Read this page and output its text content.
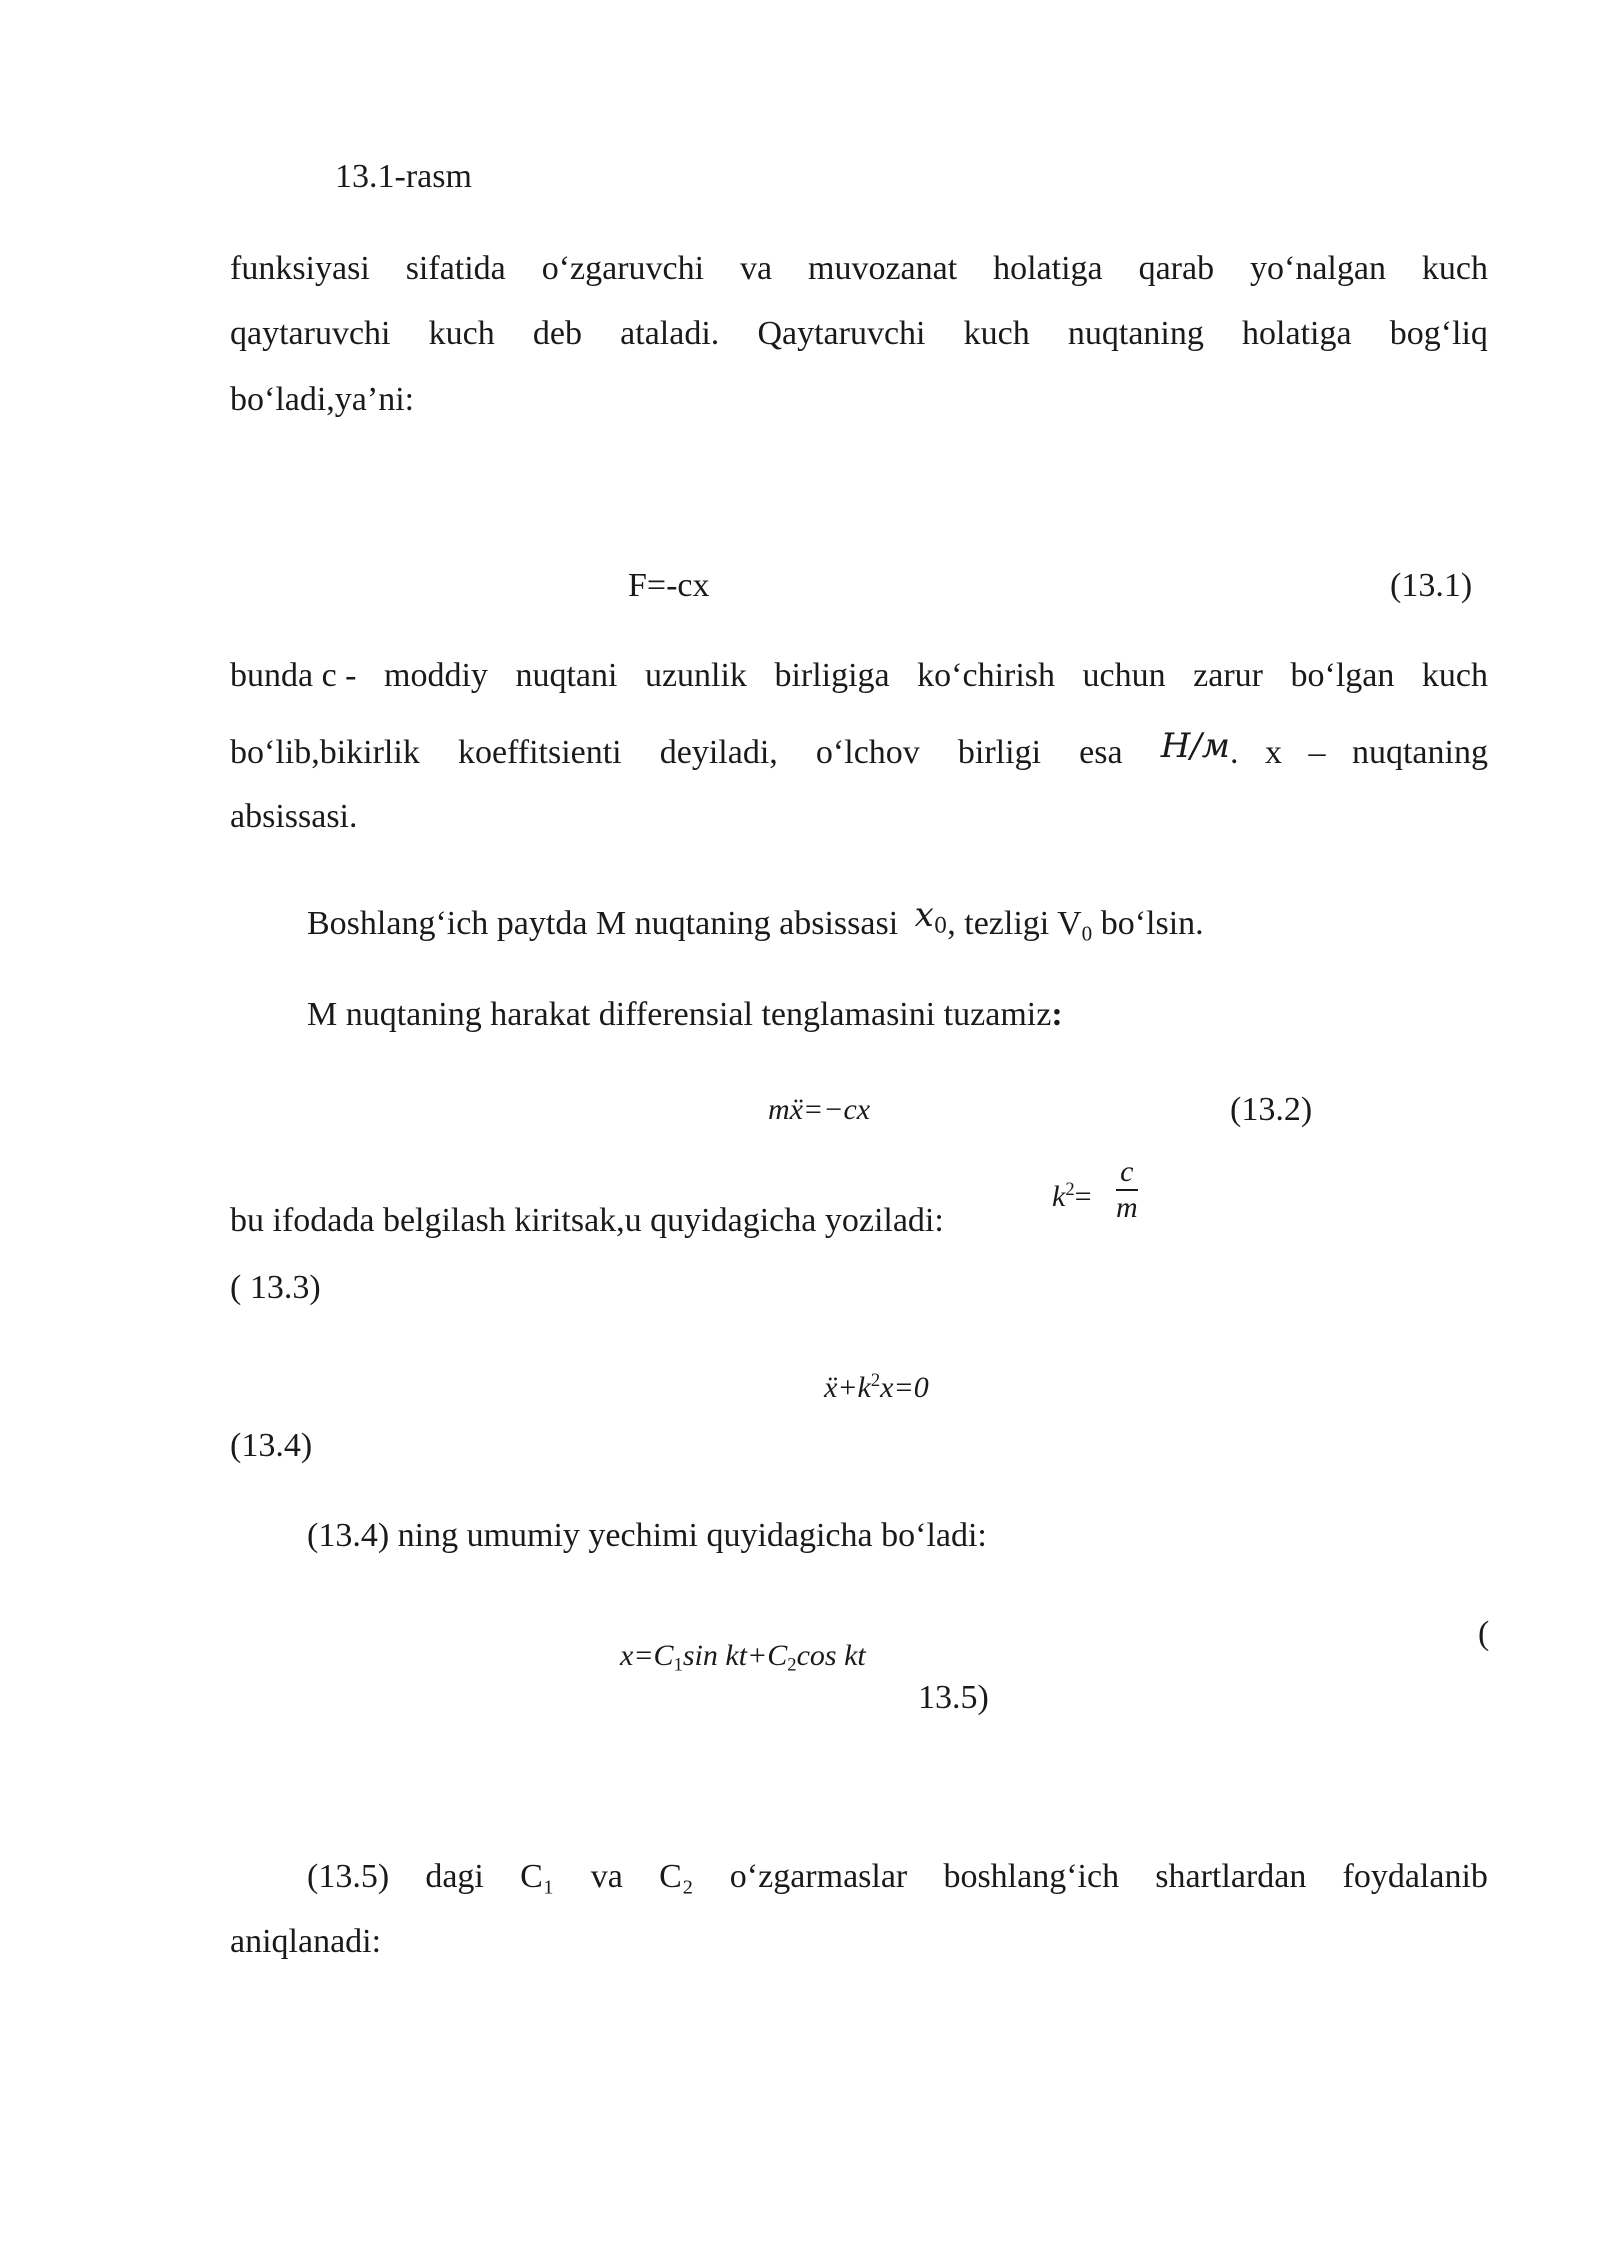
13.1-rasm
funksiyasi sifatida o‘zgaruvchi va muvozanat holatiga qarab yo‘nalgan kuch
qaytaruvchi kuch deb ataladi. Qaytaruvchi kuch nuqtaning holatiga bog‘liq
bo‘ladi,ya’ni:
F=-cx	(13.1)
bunda c - moddiy nuqtani uzunlik birligiga ko‘chirish uchun zarur bo‘lgan kuch
bo‘lib,bikirlik koeffitsienti deyiladi, o‘lchov birligi esa H/м. x – nuqtaning
absissasi.
Boshlang‘ich paytda M nuqtaning absissasi $x_0$, tezligi $V_0$ bo‘lsin.
M nuqtaning harakat differensial tenglamasini tuzamiz:
mẍ=−cx	(13.2)
bu ifodada belgilash kiritsak,u quyidagicha yoziladi:
$k^2= \frac{c}{m}$
( 13.3)
$ẍ+k^2x=0$
(13.4)
(13.4) ning umumiy yechimi quyidagicha bo‘ladi:
$x=C_1\sin$ $kt+C_2\cos$ kt
(
13.5)
(13.5) dagi C₁ va C₂ o‘zgarmaslar boshlang‘ich shartlardan foydalanib
aniqlanadi:
